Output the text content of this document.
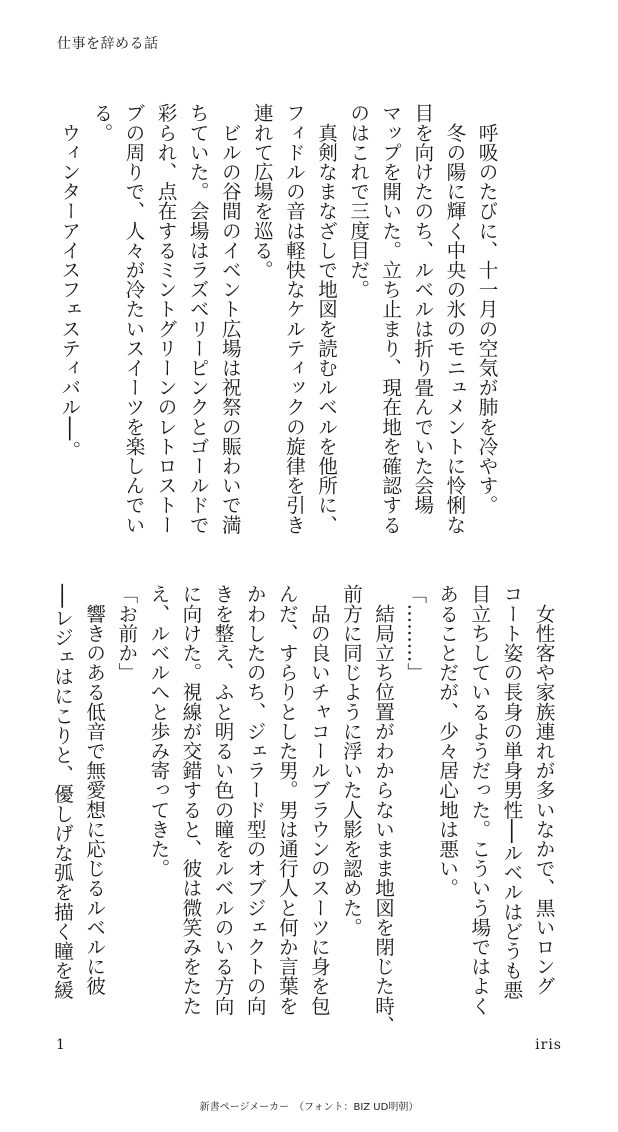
仕事を辞める話
　呼吸のたびに、十一月の空気が肺を冷やす。
　冬の陽に輝く中央の氷のモニュメントに怜悧な
目を向けたのち、ルベルは折り畳んでいた会場
マップを開いた。立ち止まり、現在地を確認する
のはこれで三度目だ。
　真剣なまなざしで地図を読むルベルを他所に、
フィドルの音は軽快なケルティックの旋律を引き
連れて広場を巡る。
　ビルの谷間のイベント広場は祝祭の賑わいで満
ちていた。会場はラズベリーピンクとゴールドで
彩られ、点在するミントグリーンのレトロストー
ブの周りで、人々が冷たいスイーツを楽しんでい
る。
　ウィンターアイスフェスティバル──。
　女性客や家族連れが多いなかで、黒いロング
コート姿の長身の単身男性──ルベルはどうも悪
目立ちしているようだった。こういう場ではよく
あることだが、少々居心地は悪い。
「………」
　結局立ち位置がわからないまま地図を閉じた時、
前方に同じように浮いた人影を認めた。
　品の良いチャコールブラウンのスーツに身を包
んだ、すらりとした男。男は通行人と何か言葉を
かわしたのち、ジェラード型のオブジェクトの向
きを整え、ふと明るい色の瞳をルベルのいる方向
に向けた。視線が交錯すると、彼は微笑みをたた
え、ルベルへと歩み寄ってきた。
「お前か」
　響きのある低音で無愛想に応じるルベルに彼
──レジェはにこりと、優しげな弧を描く瞳を緩
1	iris
新書ページメーカー　（フォント：BIZ UD明朝）
